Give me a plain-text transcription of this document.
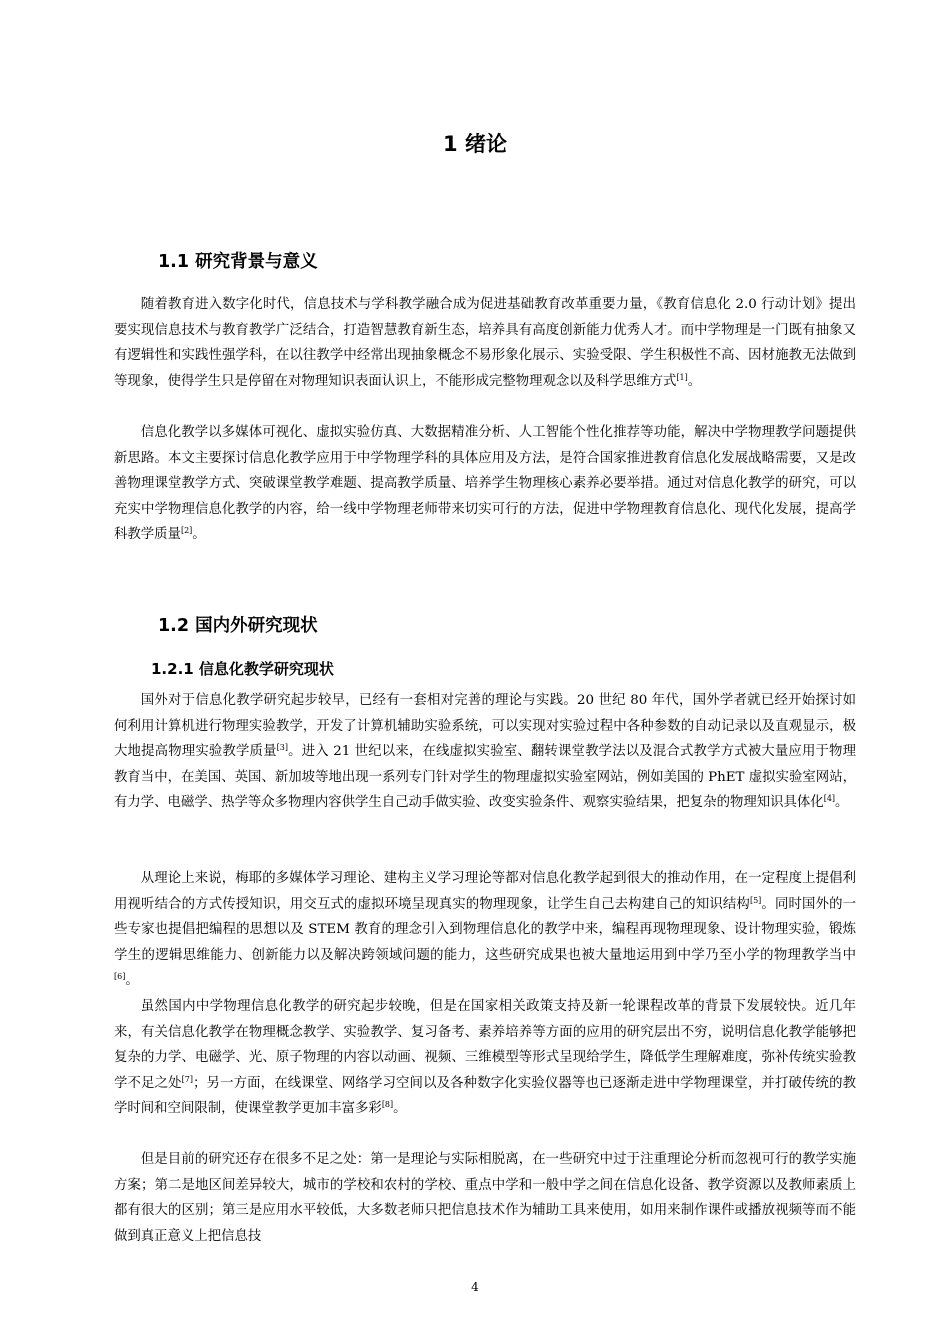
1 绪论
1.1 研究背景与意义

随着教育进入数字化时代，信息技术与学科教学融合成为促进基础教育改革重要力量，《教育信息化 2.0 行动计划》提出要实现信息技术与教育教学广泛结合，打造智慧教育新生态，培养具有高度创新能力优秀人才。而中学物理是一门既有抽象又有逻辑性和实践性强学科，在以往教学中经常出现抽象概念不易形象化展示、实验受限、学生积极性不高、因材施教无法做到等现象，使得学生只是停留在对物理知识表面认识上，不能形成完整物理观念以及科学思维方式[1]。

信息化教学以多媒体可视化、虚拟实验仿真、大数据精准分析、人工智能个性化推荐等功能，解决中学物理教学问题提供新思路。本文主要探讨信息化教学应用于中学物理学科的具体应用及方法，是符合国家推进教育信息化发展战略需要，又是改善物理课堂教学方式、突破课堂教学难题、提高教学质量、培养学生物理核心素养必要举措。通过对信息化教学的研究，可以充实中学物理信息化教学的内容，给一线中学物理老师带来切实可行的方法，促进中学物理教育信息化、现代化发展，提高学科教学质量[2]。

1.2 国内外研究现状
1.2.1 信息化教学研究现状

国外对于信息化教学研究起步较早，已经有一套相对完善的理论与实践。20 世纪 80 年代，国外学者就已经开始探讨如何利用计算机进行物理实验教学，开发了计算机辅助实验系统，可以实现对实验过程中各种参数的自动记录以及直观显示，极大地提高物理实验教学质量[3]。进入 21 世纪以来，在线虚拟实验室、翻转课堂教学法以及混合式教学方式被大量应用于物理教育当中，在美国、英国、新加坡等地出现一系列专门针对学生的物理虚拟实验室网站，例如美国的 PhET 虚拟实验室网站，有力学、电磁学、热学等众多物理内容供学生自己动手做实验、改变实验条件、观察实验结果，把复杂的物理知识具体化[4]。

从理论上来说，梅耶的多媒体学习理论、建构主义学习理论等都对信息化教学起到很大的推动作用，在一定程度上提倡利用视听结合的方式传授知识，用交互式的虚拟环境呈现真实的物理现象，让学生自己去构建自己的知识结构[5]。同时国外的一些专家也提倡把编程的思想以及 STEM 教育的理念引入到物理信息化的教学中来，编程再现物理现象、设计物理实验，锻炼学生的逻辑思维能力、创新能力以及解决跨领域问题的能力，这些研究成果也被大量地运用到中学乃至小学的物理教学当中[6]。

虽然国内中学物理信息化教学的研究起步较晚，但是在国家相关政策支持及新一轮课程改革的背景下发展较快。近几年来，有关信息化教学在物理概念教学、实验教学、复习备考、素养培养等方面的应用的研究层出不穷，说明信息化教学能够把复杂的力学、电磁学、光、原子物理的内容以动画、视频、三维模型等形式呈现给学生，降低学生理解难度，弥补传统实验教学不足之处[7]；另一方面，在线课堂、网络学习空间以及各种数字化实验仪器等也已逐渐走进中学物理课堂，并打破传统的教学时间和空间限制，使课堂教学更加丰富多彩[8]。

但是目前的研究还存在很多不足之处：第一是理论与实际相脱离，在一些研究中过于注重理论分析而忽视可行的教学实施方案；第二是地区间差异较大，城市的学校和农村的学校、重点中学和一般中学之间在信息化设备、教学资源以及教师素质上都有很大的区别；第三是应用水平较低，大多数老师只把信息技术作为辅助工具来使用，如用来制作课件或播放视频等而不能做到真正意义上把信息技

4
